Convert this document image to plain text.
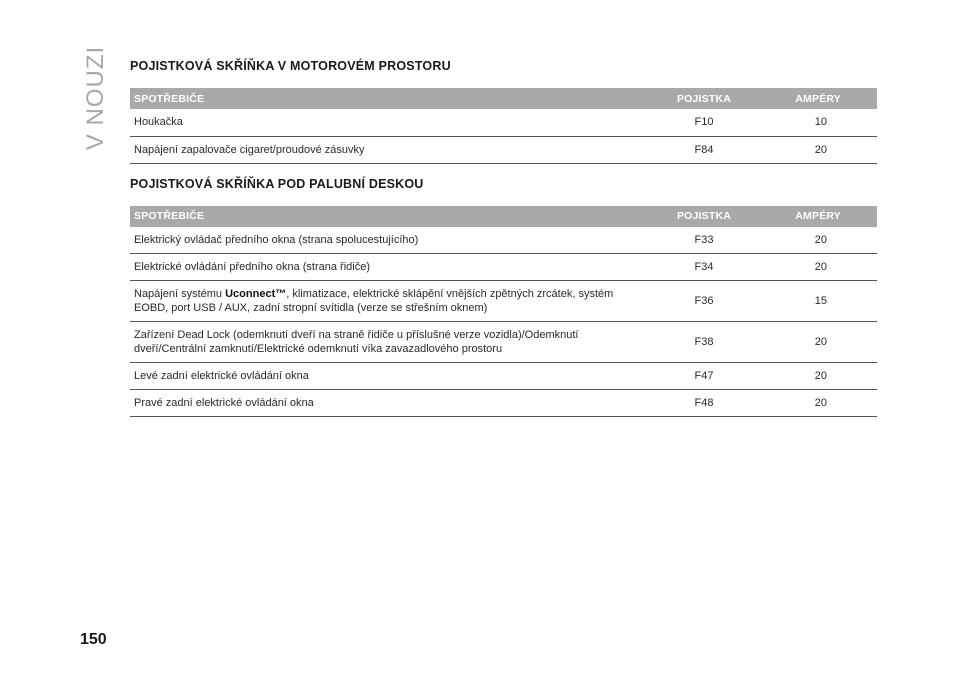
V NOUZI POJISTKOVÁ SKŘÍŇKA V MOTOROVÉM PROSTORU
SPOTŘEBIČE	POJISTKA	AMPÉRY
Houkačka	F10	10
Napájení zapalovače cigaret/proudové zásuvky	F84	20
POJISTKOVÁ SKŘÍŇKA POD PALUBNÍ DESKOU
SPOTŘEBIČE	POJISTKA	AMPÉRY
Elektrický ovládač předního okna (strana spolucestujícího)	F33	20
Elektrické ovládání předního okna (strana řidiče)	F34	20
Napájení systému Uconnect™, klimatizace, elektrické sklápění vnějších zpětných zrcátek, systém EOBD, port USB / AUX, zadní stropní svítidla (verze se střešním oknem)	F36	15
Zařízení Dead Lock (odemknutí dveří na straně řidiče u příslušné verze vozidla)/Odemknutí dveří/Centrální zamknutí/Elektrické odemknutí víka zavazadlového prostoru	F38	20
Levé zadní elektrické ovládání okna	F47	20
Pravé zadní elektrické ovládání okna	F48	20
150
